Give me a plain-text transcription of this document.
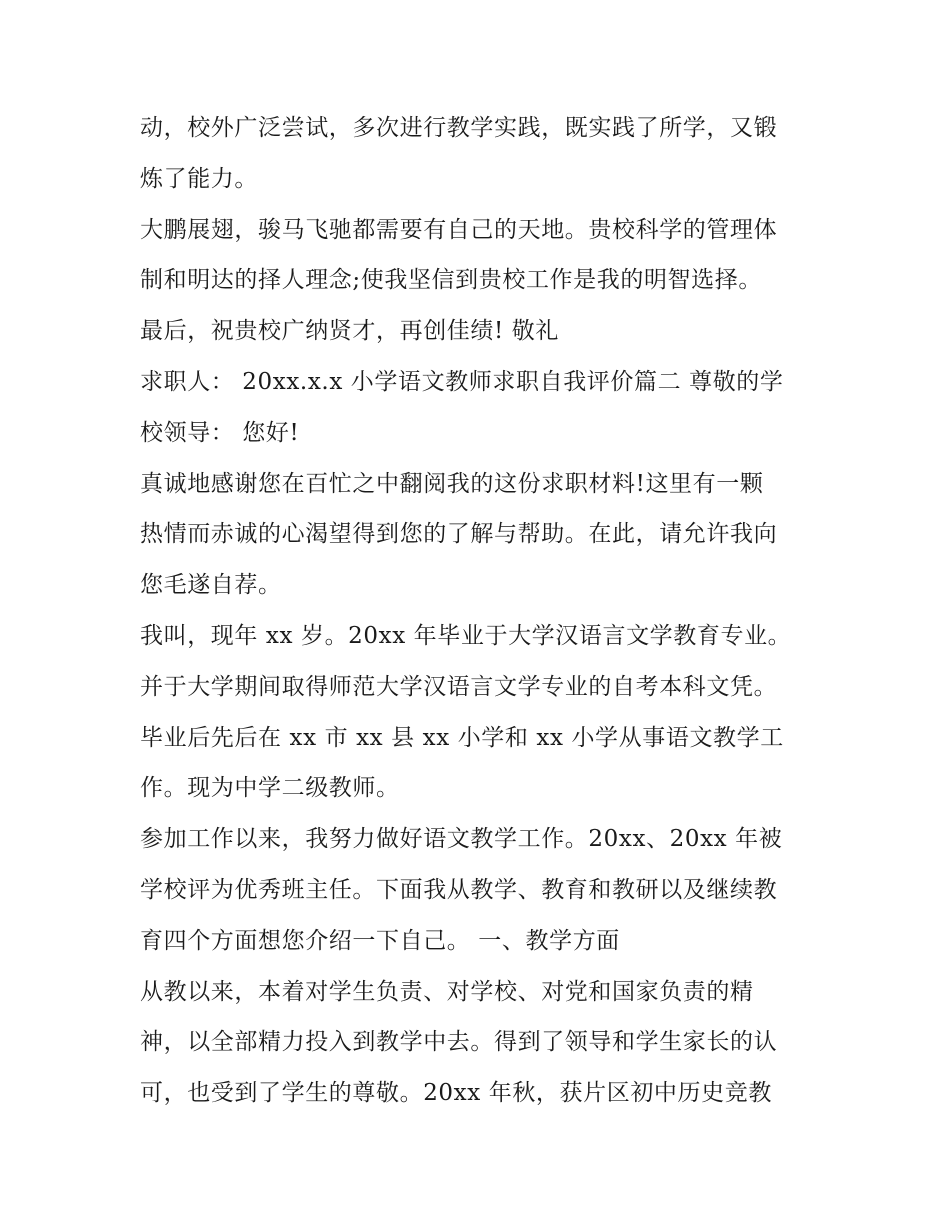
动，校外广泛尝试，多次进行教学实践，既实践了所学，又锻
炼了能力。
大鹏展翅，骏马飞驰都需要有自己的天地。贵校科学的管理体
制和明达的择人理念;使我坚信到贵校工作是我的明智选择。
最后，祝贵校广纳贤才，再创佳绩! 敬礼
求职人： 20xx.x.x 小学语文教师求职自我评价篇二 尊敬的学
校领导： 您好!
真诚地感谢您在百忙之中翻阅我的这份求职材料!这里有一颗
热情而赤诚的心渴望得到您的了解与帮助。在此，请允许我向
您毛遂自荐。
我叫，现年 xx 岁。20xx 年毕业于大学汉语言文学教育专业。
并于大学期间取得师范大学汉语言文学专业的自考本科文凭。
毕业后先后在 xx 市 xx 县 xx 小学和 xx 小学从事语文教学工
作。现为中学二级教师。
参加工作以来，我努力做好语文教学工作。20xx、20xx 年被
学校评为优秀班主任。下面我从教学、教育和教研以及继续教
育四个方面想您介绍一下自己。 一、教学方面
从教以来，本着对学生负责、对学校、对党和国家负责的精
神，以全部精力投入到教学中去。得到了领导和学生家长的认
可，也受到了学生的尊敬。20xx 年秋，获片区初中历史竞教
